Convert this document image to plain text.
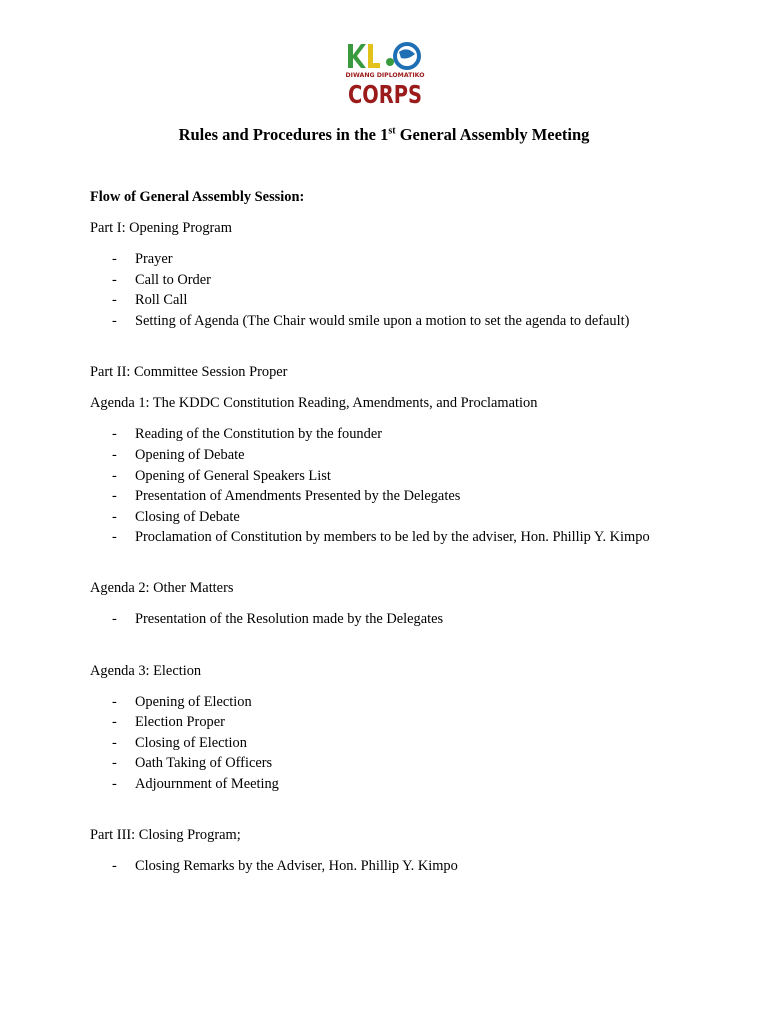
DIWANG DIPLOMATIKO
CORPS
Rules and Procedures in the 1st General Assembly Meeting

Flow of General Assembly Session:

Part I: Opening Program

- Prayer
- Call to Order
- Roll Call
- Setting of Agenda (The Chair would smile upon a motion to set the agenda to default)

Part II: Committee Session Proper

Agenda 1: The KDDC Constitution Reading, Amendments, and Proclamation

- Reading of the Constitution by the founder
- Opening of Debate
- Opening of General Speakers List
- Presentation of Amendments Presented by the Delegates
- Closing of Debate
- Proclamation of Constitution by members to be led by the adviser, Hon. Phillip Y. Kimpo

Agenda 2: Other Matters

- Presentation of the Resolution made by the Delegates

Agenda 3: Election

- Opening of Election
- Election Proper
- Closing of Election
- Oath Taking of Officers
- Adjournment of Meeting

Part III: Closing Program;

- Closing Remarks by the Adviser, Hon. Phillip Y. Kimpo
